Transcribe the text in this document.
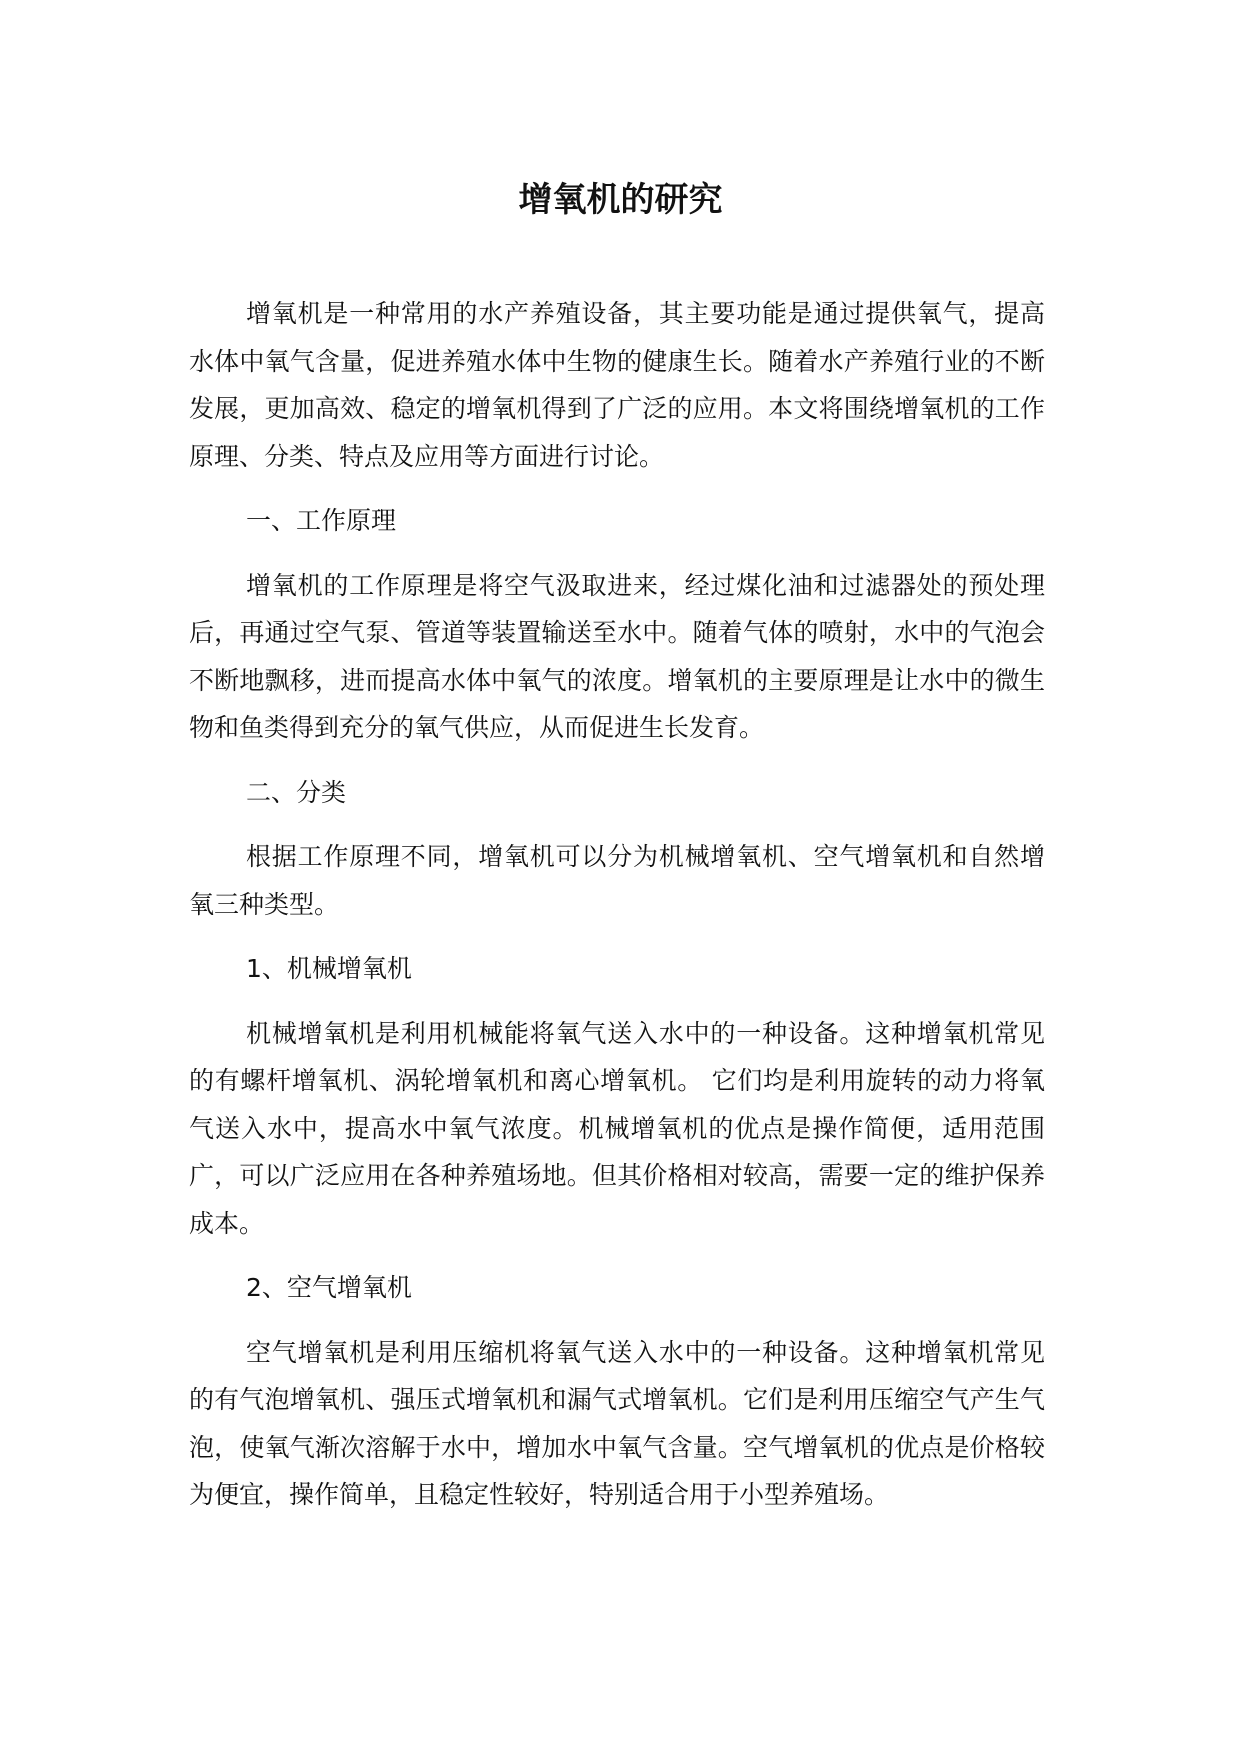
增氧机的研究

增氧机是一种常用的水产养殖设备，其主要功能是通过提供氧气，提高水体中氧气含量，促进养殖水体中生物的健康生长。随着水产养殖行业的不断发展，更加高效、稳定的增氧机得到了广泛的应用。本文将围绕增氧机的工作原理、分类、特点及应用等方面进行讨论。

一、工作原理

增氧机的工作原理是将空气汲取进来，经过煤化油和过滤器处的预处理后，再通过空气泵、管道等装置输送至水中。随着气体的喷射，水中的气泡会不断地飘移，进而提高水体中氧气的浓度。增氧机的主要原理是让水中的微生物和鱼类得到充分的氧气供应，从而促进生长发育。

二、分类

根据工作原理不同，增氧机可以分为机械增氧机、空气增氧机和自然增氧三种类型。

1、机械增氧机

机械增氧机是利用机械能将氧气送入水中的一种设备。这种增氧机常见的有螺杆增氧机、涡轮增氧机和离心增氧机。 它们均是利用旋转的动力将氧气送入水中，提高水中氧气浓度。机械增氧机的优点是操作简便，适用范围广，可以广泛应用在各种养殖场地。但其价格相对较高，需要一定的维护保养成本。

2、空气增氧机

空气增氧机是利用压缩机将氧气送入水中的一种设备。这种增氧机常见的有气泡增氧机、强压式增氧机和漏气式增氧机。它们是利用压缩空气产生气泡，使氧气渐次溶解于水中，增加水中氧气含量。空气增氧机的优点是价格较为便宜，操作简单，且稳定性较好，特别适合用于小型养殖场。
